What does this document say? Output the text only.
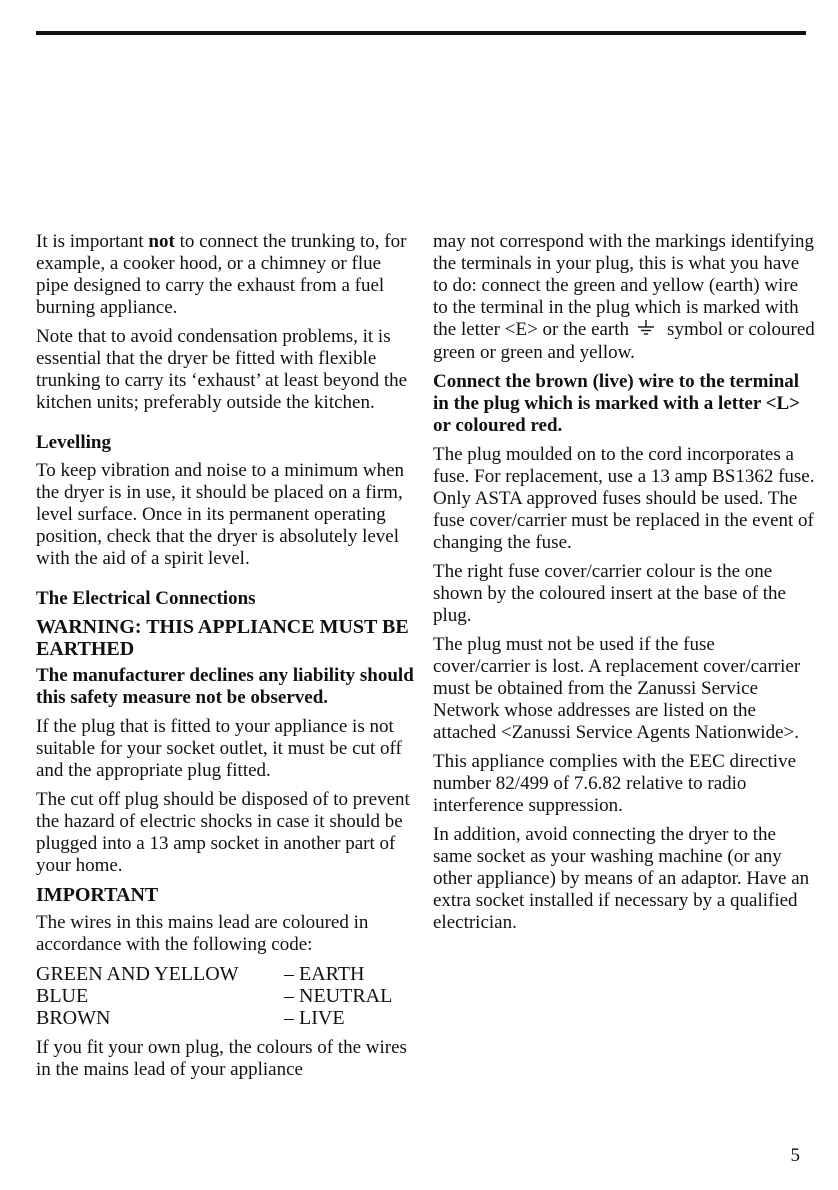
It is important not to connect the trunking to, for example, a cooker hood, or a chimney or flue pipe designed to carry the exhaust from a fuel burning appliance.

Note that to avoid condensation problems, it is essential that the dryer be fitted with flexible trunking to carry its ‘exhaust’ at least beyond the kitchen units; preferably outside the kitchen.

Levelling

To keep vibration and noise to a minimum when the dryer is in use, it should be placed on a firm, level surface. Once in its permanent operating position, check that the dryer is absolutely level with the aid of a spirit level.

The Electrical Connections
WARNING: THIS APPLIANCE MUST BE EARTHED

The manufacturer declines any liability should this safety measure not be observed.

If the plug that is fitted to your appliance is not suitable for your socket outlet, it must be cut off and the appropriate plug fitted.

The cut off plug should be disposed of to prevent the hazard of electric shocks in case it should be plugged into a 13 amp socket in another part of your home.

IMPORTANT

The wires in this mains lead are coloured in accordance with the following code:

GREEN AND YELLOW	– EARTH
BLUE	– NEUTRAL
BROWN	– LIVE

If you fit your own plug, the colours of the wires in the mains lead of your appliance

may not correspond with the markings identifying the terminals in your plug, this is what you have to do: connect the green and yellow (earth) wire to the terminal in the plug which is marked with the letter <E> or the earth symbol or coloured green or green and yellow.

Connect the brown (live) wire to the terminal in the plug which is marked with a letter <L> or coloured red.

The plug moulded on to the cord incorporates a fuse. For replacement, use a 13 amp BS1362 fuse. Only ASTA approved fuses should be used. The fuse cover/carrier must be replaced in the event of changing the fuse.

The right fuse cover/carrier colour is the one shown by the coloured insert at the base of the plug.

The plug must not be used if the fuse cover/carrier is lost. A replacement cover/carrier must be obtained from the Zanussi Service Network whose addresses are listed on the attached <Zanussi Service Agents Nationwide>.

This appliance complies with the EEC directive number 82/499 of 7.6.82 relative to radio interference suppression.

In addition, avoid connecting the dryer to the same socket as your washing machine (or any other appliance) by means of an adaptor. Have an extra socket installed if necessary by a qualified electrician.

5
